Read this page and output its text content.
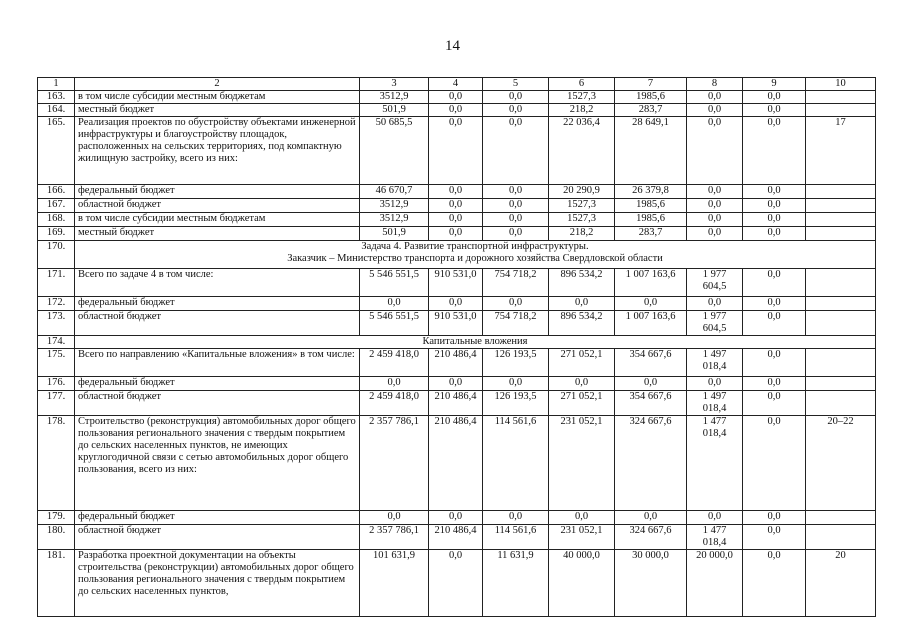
14
1	2	3	4	5	6	7	8	9	10
163.	в том числе субсидии местным бюджетам	3512,9	0,0	0,0	1527,3	1985,6	0,0	0,0	
164.	местный бюджет	501,9	0,0	0,0	218,2	283,7	0,0	0,0	
165.	Реализация проектов по обустройству объектами инженерной инфраструктуры и благоустройству площадок, расположенных на сельских территориях, под компактную жилищную застройку, всего из них:	50 685,5	0,0	0,0	22 036,4	28 649,1	0,0	0,0	17
166.	федеральный бюджет	46 670,7	0,0	0,0	20 290,9	26 379,8	0,0	0,0	
167.	областной бюджет	3512,9	0,0	0,0	1527,3	1985,6	0,0	0,0	
168.	в том числе субсидии местным бюджетам	3512,9	0,0	0,0	1527,3	1985,6	0,0	0,0	
169.	местный бюджет	501,9	0,0	0,0	218,2	283,7	0,0	0,0	
170.	Задача 4. Развитие транспортной инфраструктуры.
Заказчик – Министерство транспорта и дорожного хозяйства Свердловской области								

171.	Всего по задаче 4 в том числе:	5 546 551,5	910 531,0	754 718,2	896 534,2	1 007 163,6	1 977 604,5	0,0	
172.	федеральный бюджет	0,0	0,0	0,0	0,0	0,0	0,0	0,0	
173.	областной бюджет	5 546 551,5	910 531,0	754 718,2	896 534,2	1 007 163,6	1 977 604,5	0,0	
174.	Капитальные вложения								
175.	Всего по направлению «Капитальные вложения» в том числе:	2 459 418,0	210 486,4	126 193,5	271 052,1	354 667,6	1 497 018,4	0,0	
176.	федеральный бюджет	0,0	0,0	0,0	0,0	0,0	0,0	0,0	
177.	областной бюджет	2 459 418,0	210 486,4	126 193,5	271 052,1	354 667,6	1 497 018,4	0,0	
178.	Строительство (реконструкция) автомобильных дорог общего пользования регионального значения с твердым покрытием до сельских населенных пунктов, не имеющих круглогодичной связи с сетью автомобильных дорог общего пользования, всего из них:	2 357 786,1	210 486,4	114 561,6	231 052,1	324 667,6	1 477 018,4	0,0	20–22
179.	федеральный бюджет	0,0	0,0	0,0	0,0	0,0	0,0	0,0	
180.	областной бюджет	2 357 786,1	210 486,4	114 561,6	231 052,1	324 667,6	1 477 018,4	0,0	
181.	Разработка проектной документации на объекты строительства (реконструкции) автомобильных дорог общего пользования регионального значения с твердым покрытием до сельских населенных пунктов,	101 631,9	0,0	11 631,9	40 000,0	30 000,0	20 000,0	0,0	20
